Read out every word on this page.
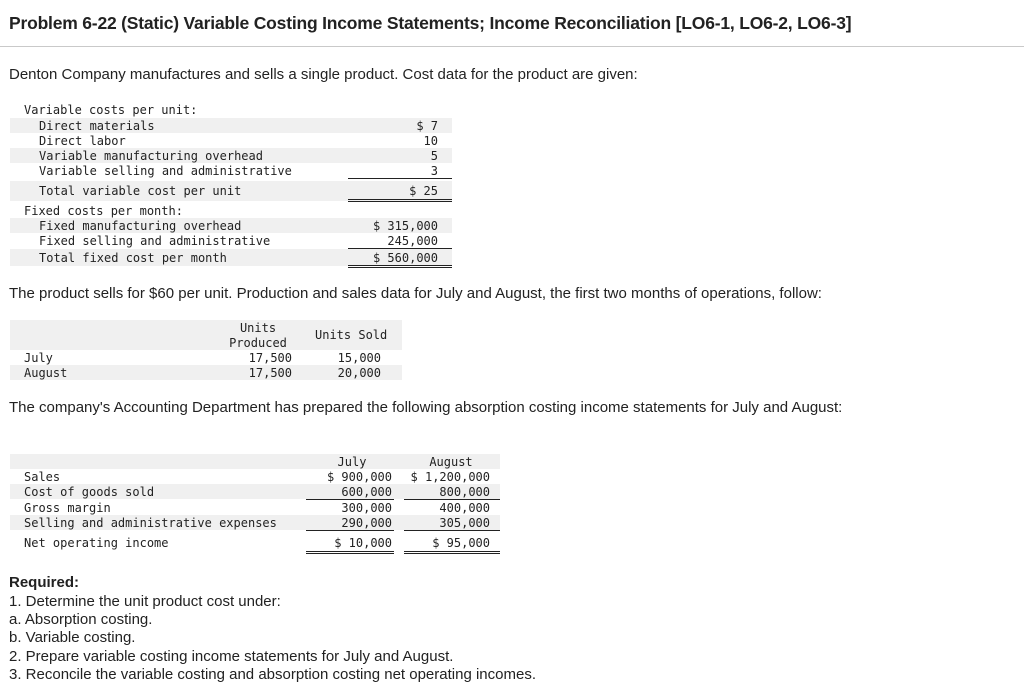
Problem 6-22 (Static) Variable Costing Income Statements; Income Reconciliation [LO6-1, LO6-2, LO6-3]
Denton Company manufactures and sells a single product. Cost data for the product are given:
Variable costs per unit:
Direct materials	$ 7
Direct labor	10
Variable manufacturing overhead	5
Variable selling and administrative	3
Total variable cost per unit	$ 25
Fixed costs per month:
Fixed manufacturing overhead	$ 315,000
Fixed selling and administrative	245,000
Total fixed cost per month	$ 560,000
The product sells for $60 per unit. Production and sales data for July and August, the first two months of operations, follow:
Units
Produced
Units Sold
July	17,500	15,000
August	17,500	20,000
The company's Accounting Department has prepared the following absorption costing income statements for July and August:
July	August
Sales	$ 900,000	$ 1,200,000
Cost of goods sold	600,000	800,000
Gross margin	300,000	400,000
Selling and administrative expenses	290,000	305,000
Net operating income	$ 10,000	$ 95,000
Required:
1. Determine the unit product cost under:
a. Absorption costing.
b. Variable costing.
2. Prepare variable costing income statements for July and August.
3. Reconcile the variable costing and absorption costing net operating incomes.
